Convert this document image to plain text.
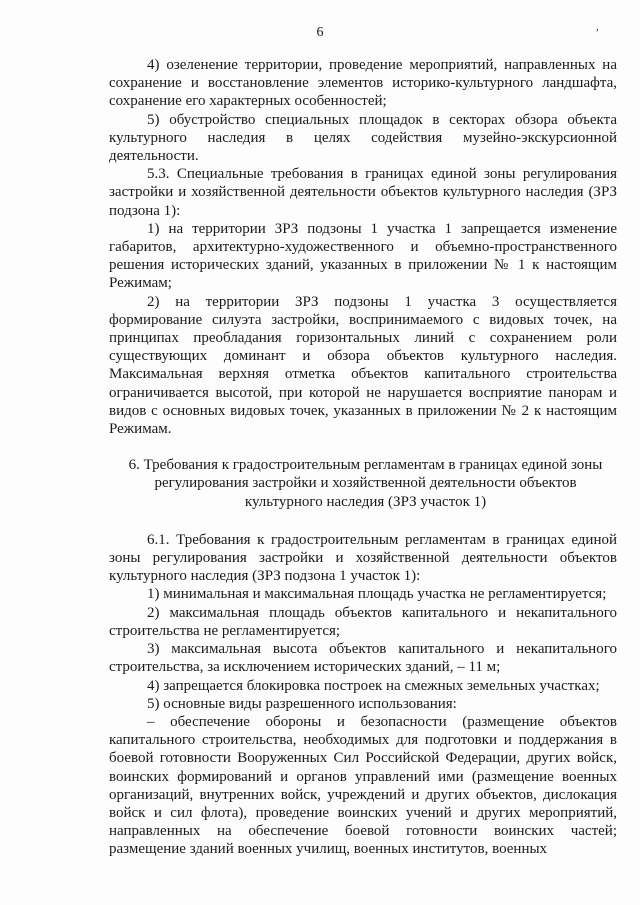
6	,

4) озеленение территории, проведение мероприятий, направленных на сохранение и восстановление элементов историко-культурного ландшафта, сохранение его характерных особенностей;

5) обустройство специальных площадок в секторах обзора объекта культурного наследия в целях содействия музейно-экскурсионной деятельности.

5.3. Специальные требования в границах единой зоны регулирования застройки и хозяйственной деятельности объектов культурного наследия (ЗРЗ подзона 1):

1) на территории ЗРЗ подзоны 1 участка 1 запрещается изменение габаритов, архитектурно-художественного и объемно-пространственного решения исторических зданий, указанных в приложении № 1 к настоящим Режимам;

2) на территории ЗРЗ подзоны 1 участка 3 осуществляется формирование силуэта застройки, воспринимаемого с видовых точек, на принципах преобладания горизонтальных линий с сохранением роли существующих доминант и обзора объектов культурного наследия. Максимальная верхняя отметка объектов капитального строительства ограничивается высотой, при которой не нарушается восприятие панорам и видов с основных видовых точек, указанных в приложении № 2 к настоящим Режимам.

6. Требования к градостроительным регламентам в границах единой зоны
регулирования застройки и хозяйственной деятельности объектов
культурного наследия (ЗРЗ участок 1)

6.1. Требования к градостроительным регламентам в границах единой зоны регулирования застройки и хозяйственной деятельности объектов культурного наследия (ЗРЗ подзона 1 участок 1):

1) минимальная и максимальная площадь участка не регламентируется;

2) максимальная площадь объектов капитального и некапитального строительства не регламентируется;

3) максимальная высота объектов капитального и некапитального строительства, за исключением исторических зданий, – 11 м;

4) запрещается блокировка построек на смежных земельных участках;

5) основные виды разрешенного использования:

– обеспечение обороны и безопасности (размещение объектов капитального строительства, необходимых для подготовки и поддержания в боевой готовности Вооруженных Сил Российской Федерации, других войск, воинских формирований и органов управлений ими (размещение военных организаций, внутренних войск, учреждений и других объектов, дислокация войск и сил флота), проведение воинских учений и других мероприятий, направленных на обеспечение боевой готовности воинских частей; размещение зданий военных училищ, военных институтов, военных
